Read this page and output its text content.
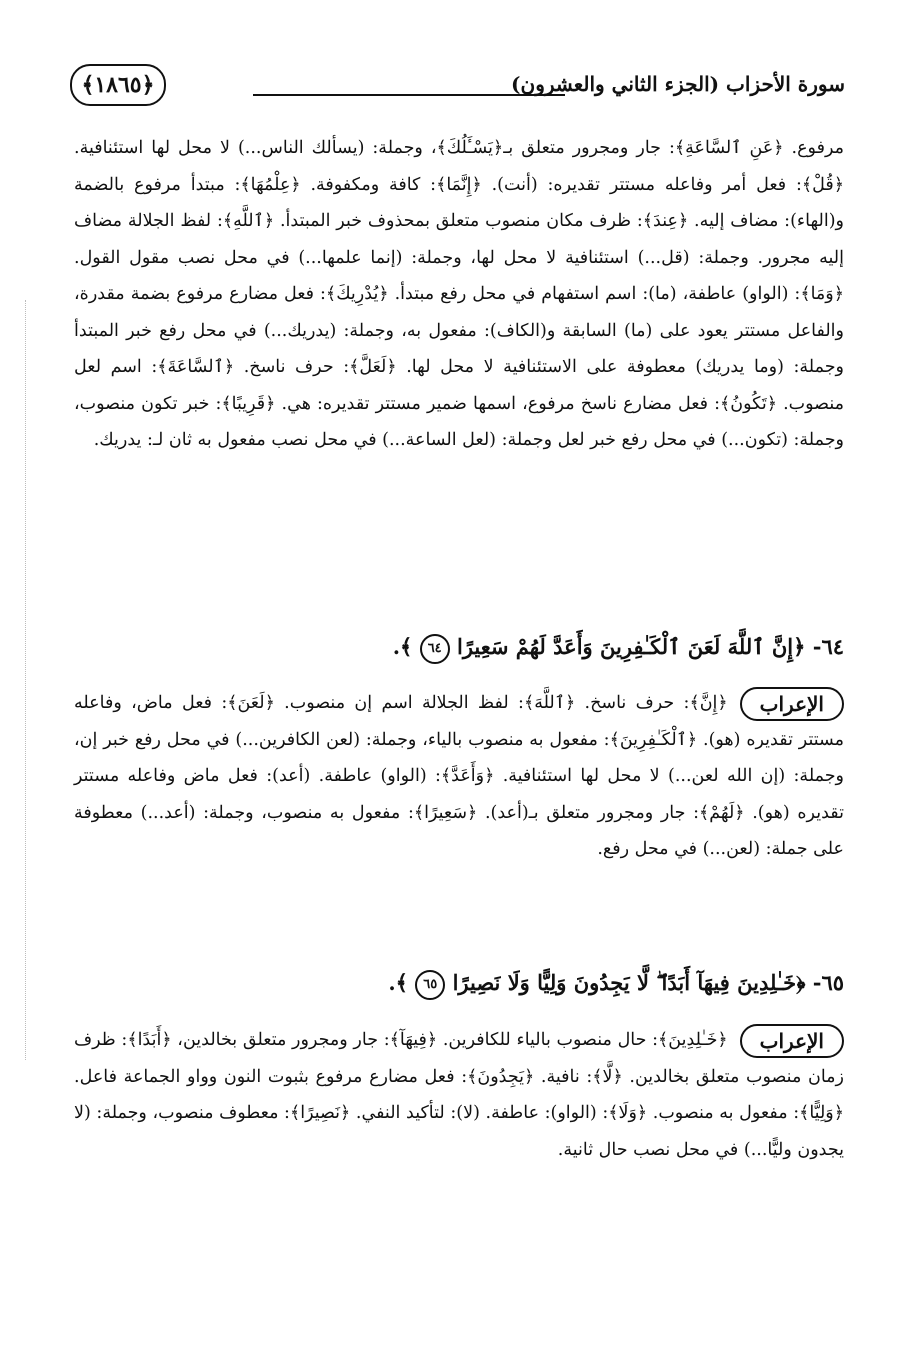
سورة الأحزاب (الجزء الثاني والعشرون)
﴿١٨٦٥﴾

مرفوع. ﴿عَنِ ٱلسَّاعَةِ﴾: جار ومجرور متعلق بـ﴿يَسْـَٔلُكَ﴾، وجملة: (يسألك الناس...) لا محل لها استئنافية. ﴿قُلْ﴾: فعل أمر وفاعله مستتر تقديره: (أنت). ﴿إِنَّمَا﴾: كافة ومكفوفة. ﴿عِلْمُهَا﴾: مبتدأ مرفوع بالضمة و(الهاء): مضاف إليه. ﴿عِندَ﴾: ظرف مكان منصوب متعلق بمحذوف خبر المبتدأ. ﴿ٱللَّهِ﴾: لفظ الجلالة مضاف إليه مجرور. وجملة: (قل...) استئنافية لا محل لها، وجملة: (إنما علمها...) في محل نصب مقول القول. ﴿وَمَا﴾: (الواو) عاطفة، (ما): اسم استفهام في محل رفع مبتدأ. ﴿يُدْرِيكَ﴾: فعل مضارع مرفوع بضمة مقدرة، والفاعل مستتر يعود على (ما) السابقة و(الكاف): مفعول به، وجملة: (يدريك...) في محل رفع خبر المبتدأ وجملة: (وما يدريك) معطوفة على الاستئنافية لا محل لها. ﴿لَعَلَّ﴾: حرف ناسخ. ﴿ٱلسَّاعَةَ﴾: اسم لعل منصوب. ﴿تَكُونُ﴾: فعل مضارع ناسخ مرفوع، اسمها ضمير مستتر تقديره: هي. ﴿قَرِيبًا﴾: خبر تكون منصوب، وجملة: (تكون...) في محل رفع خبر لعل وجملة: (لعل الساعة...) في محل نصب مفعول به ثان لـ: يدريك.

٦٤- ﴿إِنَّ ٱللَّهَ لَعَنَ ٱلْكَـٰفِرِينَ وَأَعَدَّ لَهُمْ سَعِيرًا ٦٤ ﴾.

الإعراب
﴿إِنَّ﴾: حرف ناسخ. ﴿ٱللَّهَ﴾: لفظ الجلالة اسم إن منصوب. ﴿لَعَنَ﴾: فعل ماض، وفاعله مستتر تقديره (هو). ﴿ٱلْكَـٰفِرِينَ﴾: مفعول به منصوب بالياء، وجملة: (لعن الكافرين...) في محل رفع خبر إن، وجملة: (إن الله لعن...) لا محل لها استئنافية. ﴿وَأَعَدَّ﴾: (الواو) عاطفة. (أعد): فعل ماض وفاعله مستتر تقديره (هو). ﴿لَهُمْ﴾: جار ومجرور متعلق بـ(أعد). ﴿سَعِيرًا﴾: مفعول به منصوب، وجملة: (أعد...) معطوفة على جملة: (لعن...) في محل رفع.

٦٥- ﴿خَـٰلِدِينَ فِيهَآ أَبَدًا ۖ لَّا يَجِدُونَ وَلِيًّا وَلَا نَصِيرًا ٦٥ ﴾.

الإعراب
﴿خَـٰلِدِينَ﴾: حال منصوب بالياء للكافرين. ﴿فِيهَآ﴾: جار ومجرور متعلق بخالدين، ﴿أَبَدًا﴾: ظرف زمان منصوب متعلق بخالدين. ﴿لَّا﴾: نافية. ﴿يَجِدُونَ﴾: فعل مضارع مرفوع بثبوت النون وواو الجماعة فاعل. ﴿وَلِيًّا﴾: مفعول به منصوب. ﴿وَلَا﴾: (الواو): عاطفة. (لا): لتأكيد النفي. ﴿نَصِيرًا﴾: معطوف منصوب، وجملة: (لا يجدون وليًّا...) في محل نصب حال ثانية.
